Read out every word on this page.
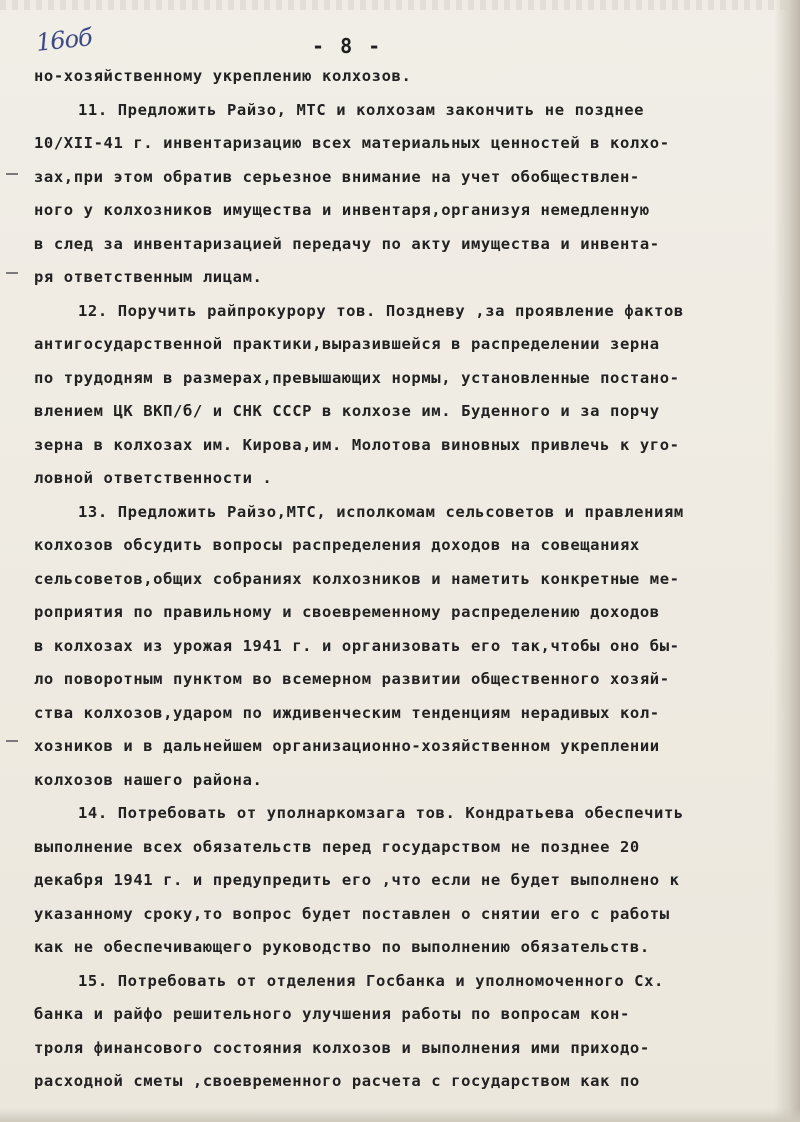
16об	- 8 -
но-хозяйственному укреплению колхозов.
11. Предложить Райзо, МТС и колхозам закончить не позднее
10/XII-41 г. инвентаризацию всех материальных ценностей в колхо-
зах,при этом обратив серьезное внимание на учет обобществлен-
ного у колхозников имущества и инвентаря,организуя немедленную
в след за инвентаризацией передачу по акту имущества и инвента-
ря ответственным лицам.
12. Поручить райпрокурору тов. Поздневу ,за проявление фактов
антигосударственной практики,выразившейся в распределении зерна
по трудодням в размерах,превышающих нормы, установленные постано-
влением ЦК ВКП/б/ и СНК СССР в колхозе им. Буденного и за порчу
зерна в колхозах им. Кирова,им. Молотова виновных привлечь к уго-
ловной ответственности .
13. Предложить Райзо,МТС, исполкомам сельсоветов и правлениям
колхозов обсудить вопросы распределения доходов на совещаниях
сельсоветов,общих собраниях колхозников и наметить конкретные ме-
роприятия по правильному и своевременному распределению доходов
в колхозах из урожая 1941 г. и организовать его так,чтобы оно бы-
ло поворотным пунктом во всемерном развитии общественного хозяй-
ства колхозов,ударом по иждивенческим тенденциям нерадивых кол-
хозников и в дальнейшем организационно-хозяйственном укреплении
колхозов нашего района.
14. Потребовать от уполнаркомзага тов. Кондратьева обеспечить
выполнение всех обязательств перед государством не позднее 20
декабря 1941 г. и предупредить его ,что если не будет выполнено к
указанному сроку,то вопрос будет поставлен о снятии его с работы
как не обеспечивающего руководство по выполнению обязательств.
15. Потребовать от отделения Госбанка и уполномоченного Сх.
банка и райфо решительного улучшения работы по вопросам кон-
троля финансового состояния колхозов и выполнения ими приходо-
расходной сметы ,своевременного расчета с государством как по
